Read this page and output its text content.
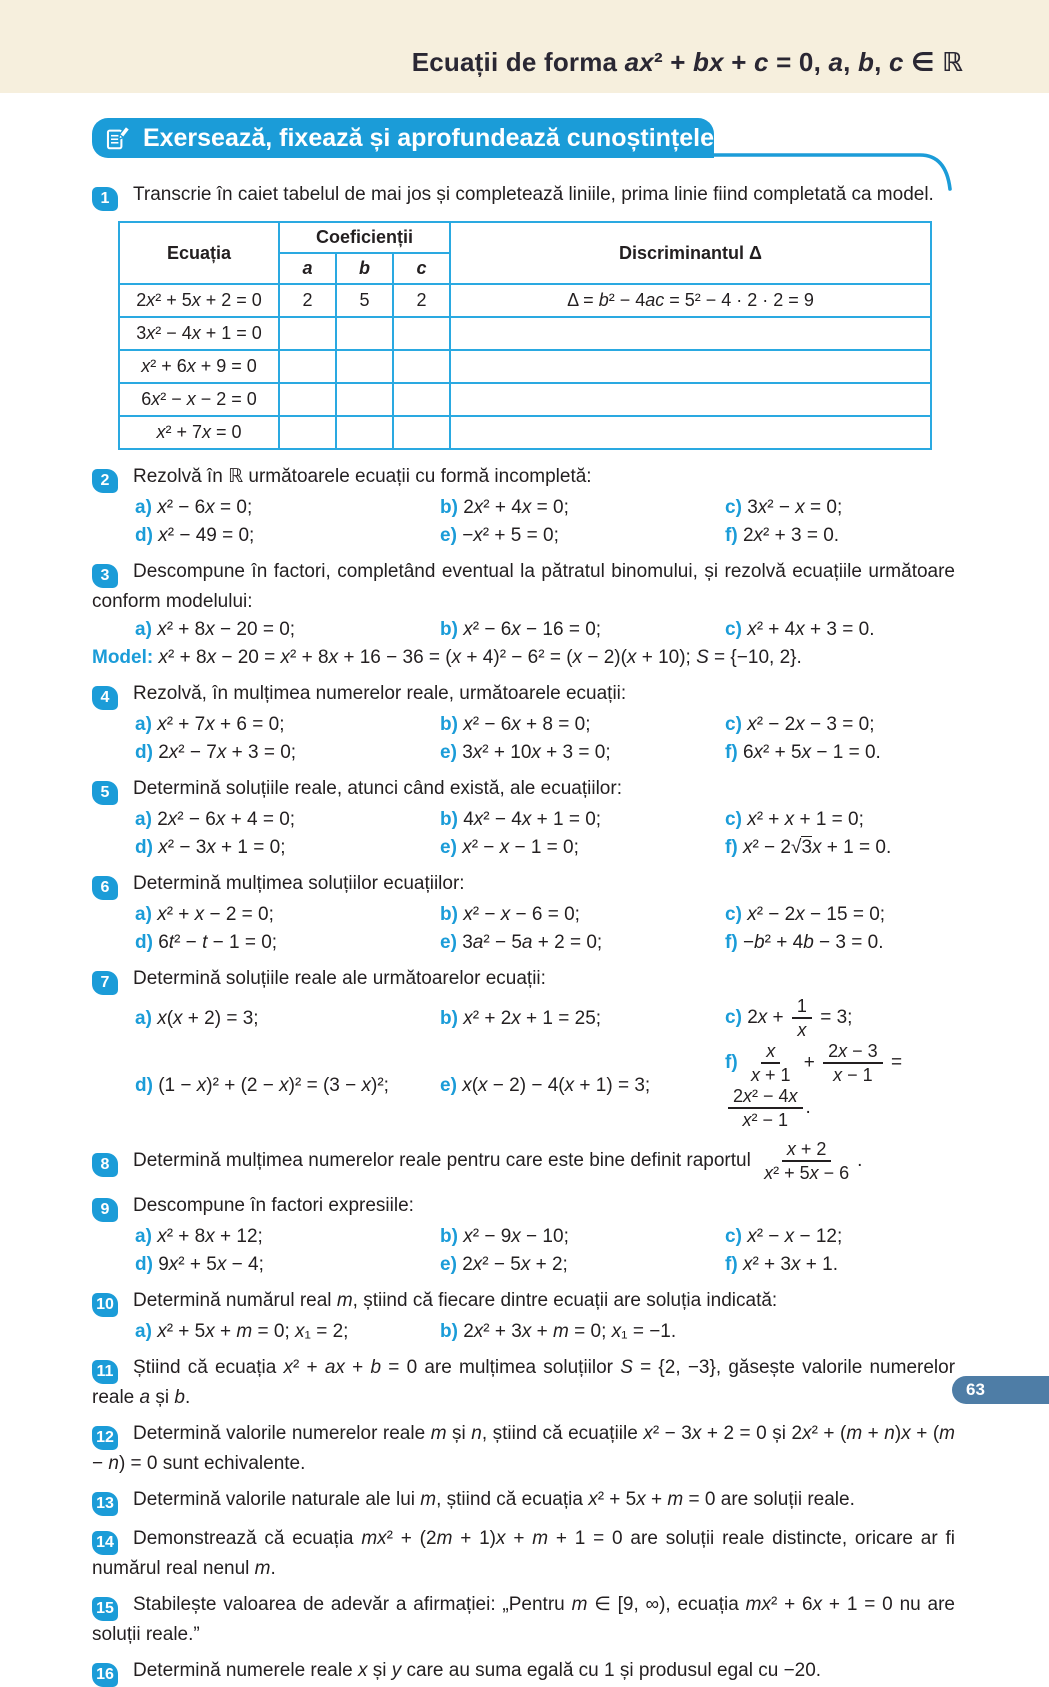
Ecuații de forma ax² + bx + c = 0, a, b, c ∈ ℝ
Exersează, fixează și aprofundează cunoștințele
1 Transcrie în caiet tabelul de mai jos și completează liniile, prima linie fiind completată ca model.
Ecuația	Coeficienții			Discriminantul Δ
	a	b	c	
2x² + 5x + 2 = 0	2	5	2	Δ = b² − 4ac = 5² − 4 · 2 · 2 = 9
3x² − 4x + 1 = 0				
x² + 6x + 9 = 0				
6x² − x − 2 = 0				
x² + 7x = 0				
2 Rezolvă în ℝ următoarele ecuații cu formă incompletă:
a) x² − 6x = 0;	b) 2x² + 4x = 0;	c) 3x² − x = 0;
d) x² − 49 = 0;	e) −x² + 5 = 0;	f) 2x² + 3 = 0.
3 Descompune în factori, completând eventual la pătratul binomului, și rezolvă ecuațiile următoare conform modelului:
a) x² + 8x − 20 = 0;	b) x² − 6x − 16 = 0;	c) x² + 4x + 3 = 0.
Model: x² + 8x − 20 = x² + 8x + 16 − 36 = (x + 4)² − 6² = (x − 2)(x + 10); S = {−10, 2}.
4 Rezolvă, în mulțimea numerelor reale, următoarele ecuații:
a) x² + 7x + 6 = 0;	b) x² − 6x + 8 = 0;	c) x² − 2x − 3 = 0;
d) 2x² − 7x + 3 = 0;	e) 3x² + 10x + 3 = 0;	f) 6x² + 5x − 1 = 0.
5 Determină soluțiile reale, atunci când există, ale ecuațiilor:
a) 2x² − 6x + 4 = 0;	b) 4x² − 4x + 1 = 0;	c) x² + x + 1 = 0;
d) x² − 3x + 1 = 0;	e) x² − x − 1 = 0;	f) x² − 2√3x + 1 = 0.
6 Determină mulțimea soluțiilor ecuațiilor:
a) x² + x − 2 = 0;	b) x² − x − 6 = 0;	c) x² − 2x − 15 = 0;
d) 6t² − t − 1 = 0;	e) 3a² − 5a + 2 = 0;	f) −b² + 4b − 3 = 0.
7 Determină soluțiile reale ale următoarelor ecuații:
a) x(x + 2) = 3;	b) x² + 2x + 1 = 25;	c) $2x + \frac{1}{x} = 3$;
d) (1 − x)² + (2 − x)² = (3 − x)²;	e) x(x − 2) − 4(x + 1) = 3;
$f) \frac{x}{x + 1} + \frac{2x - 3}{x - 1}$ =
$\frac{\text{2x² − 4x}}{\text{x² − 1}}$ .
8 Determină mulțimea numerelor reale pentru care este bine definit raportul $\frac{x + 2}{\text{x² + 5x − 6}}$ .
9 Descompune în factori expresiile:
a) x² + 8x + 12;	b) x² − 9x − 10;	c) x² − x − 12;
d) 9x² + 5x − 4;	e) 2x² − 5x + 2;	f) x² + 3x + 1.
10 Determină numărul real m, știind că fiecare dintre ecuații are soluția indicată:
a) x² + 5x + m = 0; x₁ = 2;	b) 2x² + 3x + m = 0; x₁ = −1.
11 Știind că ecuația x² + ax + b = 0 are mulțimea soluțiilor S = {2, −3}, găsește valorile numerelor reale a și b.
12 Determină valorile numerelor reale m și n, știind că ecuațiile x² − 3x + 2 = 0 și 2x² + (m + n)x + (m − n) = 0 sunt echivalente.
13 Determină valorile naturale ale lui m, știind că ecuația x² + 5x + m = 0 are soluții reale.
14 Demonstrează că ecuația mx² + (2m + 1)x + m + 1 = 0 are soluții reale distincte, oricare ar fi numărul real nenul m.
15 Stabilește valoarea de adevăr a afirmației: „Pentru m ∈ [9, ∞), ecuația mx² + 6x + 1 = 0 nu are soluții reale.”
16 Determină numerele reale x și y care au suma egală cu 1 și produsul egal cu −20.
63
